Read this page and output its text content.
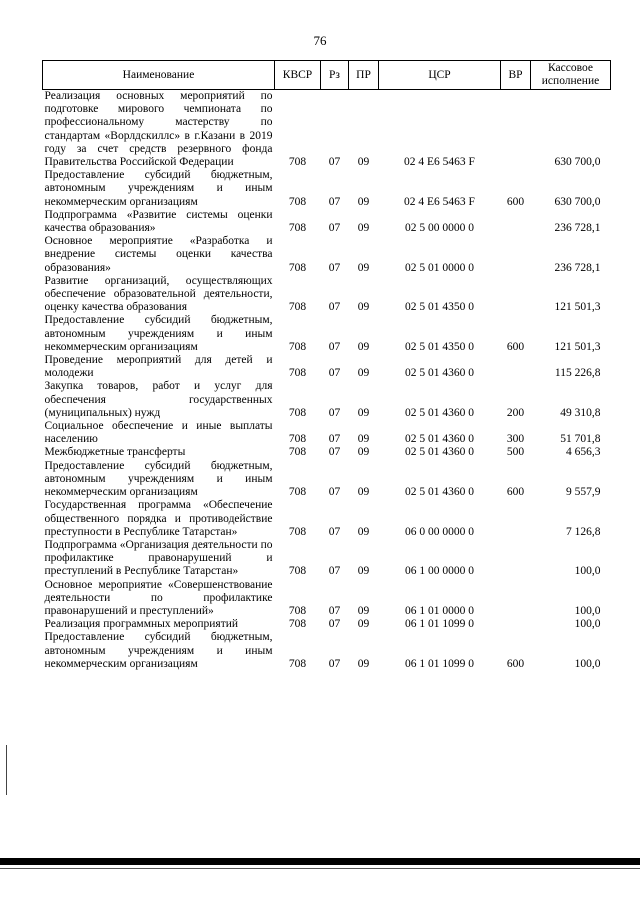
76
Наименование	КВСР	Рз	ПР	ЦСР	ВР	Кассовое исполнение
Реализация основных мероприятий по подготовке мирового чемпионата по профессиональному мастерству по стандартам «Ворлдскиллс» в г.Казани в 2019 году за счет средств резервного фонда Правительства Российской Федерации	708	07	09	02 4 Е6 5463 F		630 700,0
Предоставление субсидий бюджетным, автономным учреждениям и иным некоммерческим организациям	708	07	09	02 4 Е6 5463 F	600	630 700,0
Подпрограмма «Развитие системы оценки качества образования»	708	07	09	02 5 00 0000 0		236 728,1
Основное мероприятие «Разработка и внедрение системы оценки качества образования»	708	07	09	02 5 01 0000 0		236 728,1
Развитие организаций, осуществляющих обеспечение образовательной деятельности, оценку качества образования	708	07	09	02 5 01 4350 0		121 501,3
Предоставление субсидий бюджетным, автономным учреждениям и иным некоммерческим организациям	708	07	09	02 5 01 4350 0	600	121 501,3
Проведение мероприятий для детей и молодежи	708	07	09	02 5 01 4360 0		115 226,8
Закупка товаров, работ и услуг для обеспечения государственных (муниципальных) нужд	708	07	09	02 5 01 4360 0	200	49 310,8
Социальное обеспечение и иные выплаты населению	708	07	09	02 5 01 4360 0	300	51 701,8
Межбюджетные трансферты	708	07	09	02 5 01 4360 0	500	4 656,3
Предоставление субсидий бюджетным, автономным учреждениям и иным некоммерческим организациям	708	07	09	02 5 01 4360 0	600	9 557,9
Государственная программа «Обеспечение общественного порядка и противодействие преступности в Республике Татарстан»	708	07	09	06 0 00 0000 0		7 126,8
Подпрограмма «Организация деятельности по профилактике правонарушений и преступлений в Республике Татарстан»	708	07	09	06 1 00 0000 0		100,0
Основное мероприятие «Совершенствование деятельности по профилактике правонарушений и преступлений»	708	07	09	06 1 01 0000 0		100,0
Реализация программных мероприятий	708	07	09	06 1 01 1099 0		100,0
Предоставление субсидий бюджетным, автономным учреждениям и иным некоммерческим организациям	708	07	09	06 1 01 1099 0	600	100,0
